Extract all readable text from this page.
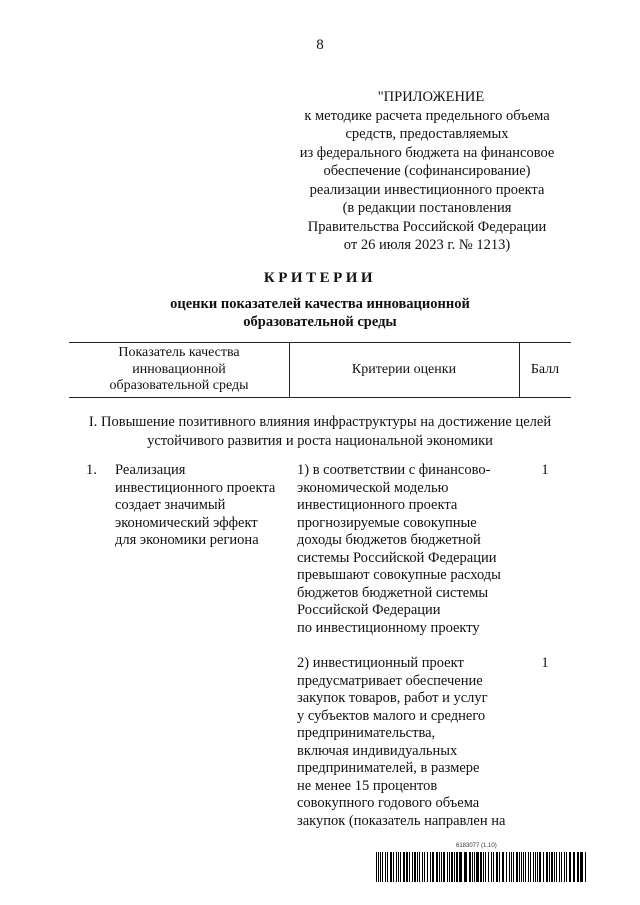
8
"ПРИЛОЖЕНИЕ
к методике расчета предельного объема
средств, предоставляемых
из федерального бюджета на финансовое
обеспечение (софинансирование)
реализации инвестиционного проекта
(в редакции постановления
Правительства Российской Федерации
от 26 июля 2023 г. № 1213)
КРИТЕРИИ
оценки показателей качества инновационной
образовательной среды
Показатель качества
инновационной
образовательной среды
Критерии оценки	Балл
I. Повышение позитивного влияния инфраструктуры на достижение целей
устойчивого развития и роста национальной экономики
1. Реализация
инвестиционного проекта
создает значимый
экономический эффект
для экономики региона
1) в соответствии с финансово-
экономической моделью
инвестиционного проекта
прогнозируемые совокупные
доходы бюджетов бюджетной
системы Российской Федерации
превышают совокупные расходы
бюджетов бюджетной системы
Российской Федерации
по инвестиционному проекту
1
2) инвестиционный проект
предусматривает обеспечение
закупок товаров, работ и услуг
у субъектов малого и среднего
предпринимательства,
включая индивидуальных
предпринимателей, в размере
не менее 15 процентов
совокупного годового объема
закупок (показатель направлен на
1
6183077 (1.10)
